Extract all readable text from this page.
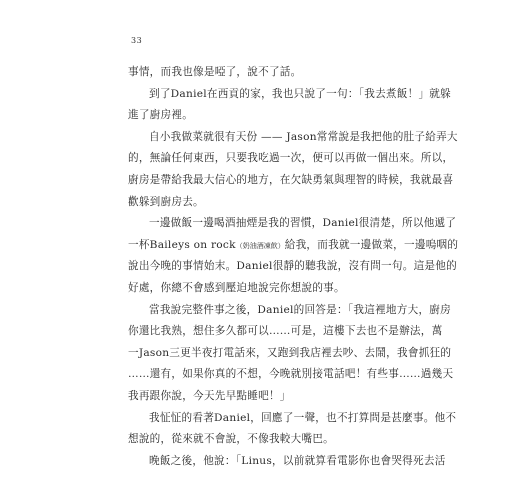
33
事情，而我也像是啞了，說不了話。
到了Daniel在西貢的家，我也只說了一句：「我去煮飯！」就躲
進了廚房裡。
自小我做菜就很有天份 —— Jason常常說是我把他的肚子給弄大
的，無論任何東西，只要我吃過一次，便可以再做一個出來。所以，
廚房是帶給我最大信心的地方，在欠缺勇氣與理智的時候，我就最喜
歡躲到廚房去。
一邊做飯一邊喝酒抽煙是我的習慣，Daniel很清楚，所以他遞了
一杯Baileys on rock（奶油酒凍飲）給我，而我就一邊做菜，一邊嗚咽的
說出今晚的事情始末。Daniel很靜的聽我說，沒有問一句。這是他的
好處，你總不會感到壓迫地說完你想說的事。
當我說完整件事之後，Daniel的回答是：「我這裡地方大，廚房
你還比我熟，想住多久都可以……可是，這樓下去也不是辦法，萬
一Jason三更半夜打電話來，又跑到我店裡去吵、去鬧，我會抓狂的
……還有，如果你真的不想，今晚就別接電話吧！有些事……過幾天
我再跟你說，今天先早點睡吧！」
我怔怔的看著Daniel，回應了一聲，也不打算問是甚麼事。他不
想說的，從來就不會說，不像我較大嘴巴。
晚飯之後，他說：「Linus，以前就算看電影你也會哭得死去活
